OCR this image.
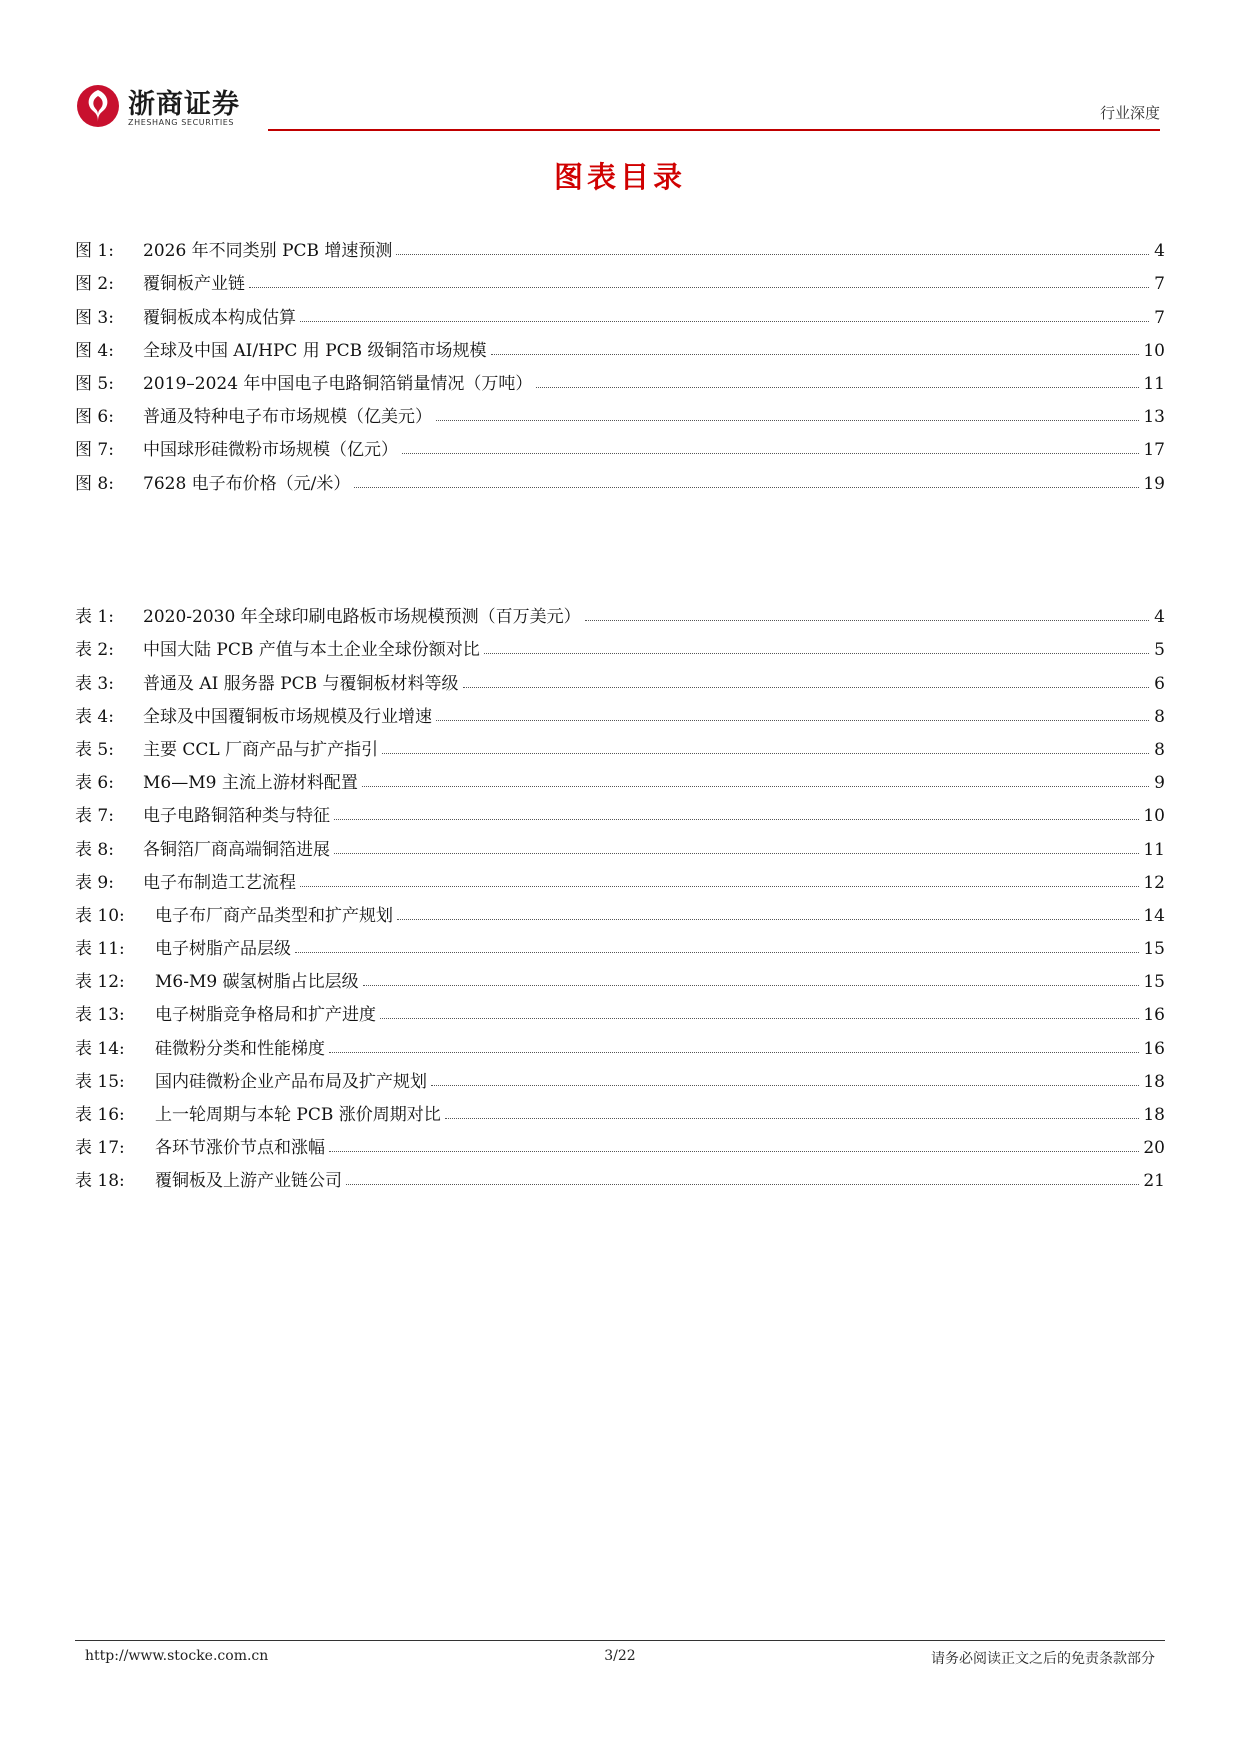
浙商证券
ZHESHANG SECURITIES
行业深度
图表目录
图 1:	2026 年不同类别 PCB 增速预测	4
图 2:	覆铜板产业链	7
图 3:	覆铜板成本构成估算	7
图 4:	全球及中国 AI/HPC 用 PCB 级铜箔市场规模	10
图 5:	2019–2024 年中国电子电路铜箔销量情况（万吨）	11
图 6:	普通及特种电子布市场规模（亿美元）	13
图 7:	中国球形硅微粉市场规模（亿元）	17
图 8:	7628 电子布价格（元/米）	19
表 1:	2020-2030 年全球印刷电路板市场规模预测（百万美元）	4
表 2:	中国大陆 PCB 产值与本土企业全球份额对比	5
表 3:	普通及 AI 服务器 PCB 与覆铜板材料等级	6
表 4:	全球及中国覆铜板市场规模及行业增速	8
表 5:	主要 CCL 厂商产品与扩产指引	8
表 6:	M6—M9 主流上游材料配置	9
表 7:	电子电路铜箔种类与特征	10
表 8:	各铜箔厂商高端铜箔进展	11
表 9:	电子布制造工艺流程	12
表 10:	电子布厂商产品类型和扩产规划	14
表 11:	电子树脂产品层级	15
表 12:	M6-M9 碳氢树脂占比层级	15
表 13:	电子树脂竞争格局和扩产进度	16
表 14:	硅微粉分类和性能梯度	16
表 15:	国内硅微粉企业产品布局及扩产规划	18
表 16:	上一轮周期与本轮 PCB 涨价周期对比	18
表 17:	各环节涨价节点和涨幅	20
表 18:	覆铜板及上游产业链公司	21
http://www.stocke.com.cn	3/22	请务必阅读正文之后的免责条款部分
